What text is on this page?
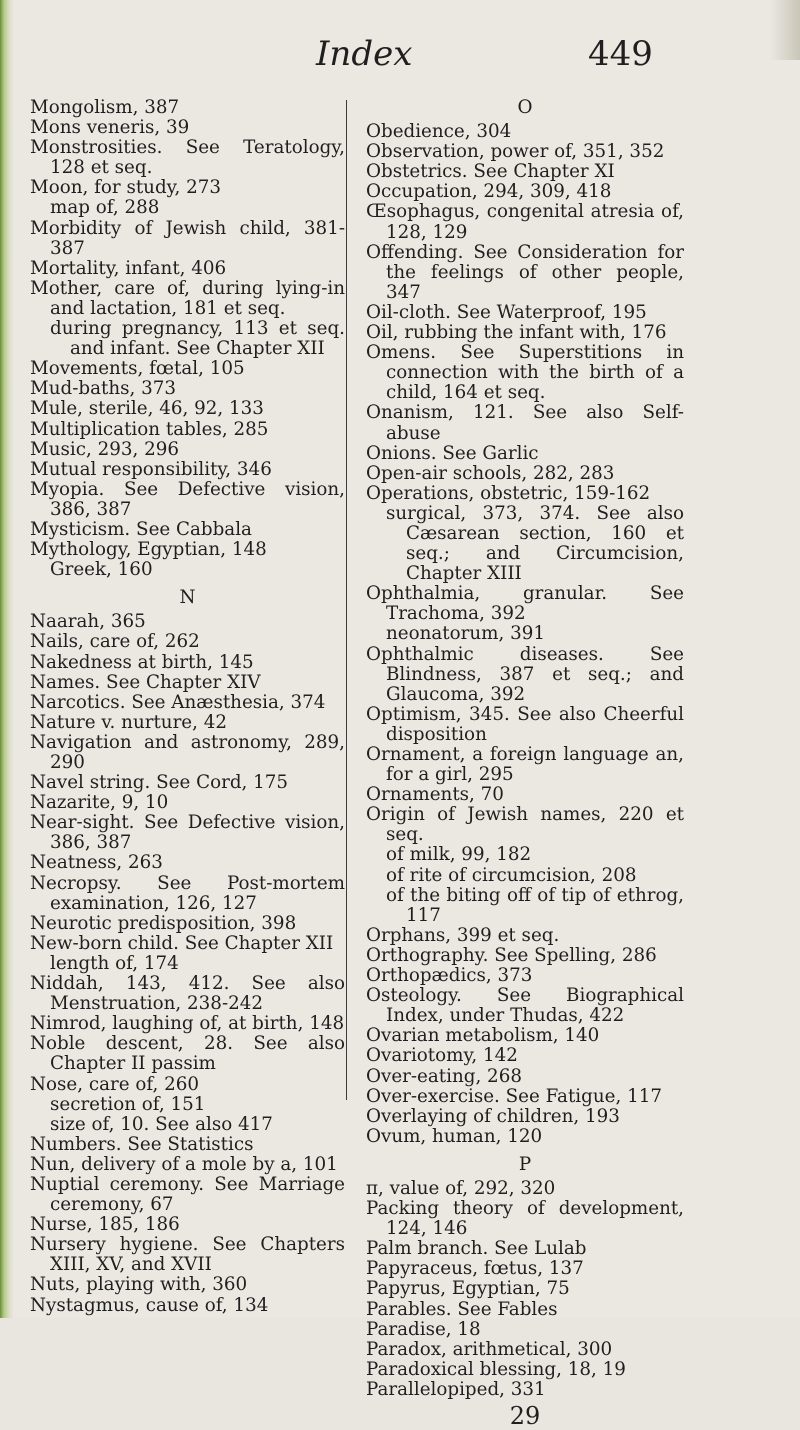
Index	449

Mongolism, 387

Mons veneris, 39

Monstrosities. See Teratology, 128 et seq.

Moon, for study, 273

map of, 288

Morbidity of Jewish child, 381-387

Mortality, infant, 406

Mother, care of, during lying-in and lactation, 181 et seq.

during pregnancy, 113 et seq. and infant. See Chapter XII

Movements, fœtal, 105

Mud-baths, 373

Mule, sterile, 46, 92, 133

Multiplication tables, 285

Music, 293, 296

Mutual responsibility, 346

Myopia. See Defective vision, 386, 387

Mysticism. See Cabbala

Mythology, Egyptian, 148

Greek, 160

N

Naarah, 365

Nails, care of, 262

Nakedness at birth, 145

Names. See Chapter XIV

Narcotics. See Anæsthesia, 374

Nature v. nurture, 42

Navigation and astronomy, 289, 290

Navel string. See Cord, 175

Nazarite, 9, 10

Near-sight. See Defective vision, 386, 387

Neatness, 263

Necropsy. See Post-mortem examination, 126, 127

Neurotic predisposition, 398

New-born child. See Chapter XII

length of, 174

Niddah, 143, 412. See also Menstruation, 238-242

Nimrod, laughing of, at birth, 148

Noble descent, 28. See also Chapter II passim

Nose, care of, 260

secretion of, 151

size of, 10. See also 417

Numbers. See Statistics

Nun, delivery of a mole by a, 101

Nuptial ceremony. See Marriage ceremony, 67

Nurse, 185, 186

Nursery hygiene. See Chapters XIII, XV, and XVII

Nuts, playing with, 360

Nystagmus, cause of, 134

O

Obedience, 304

Observation, power of, 351, 352

Obstetrics. See Chapter XI

Occupation, 294, 309, 418

Œsophagus, congenital atresia of, 128, 129

Offending. See Consideration for the feelings of other people, 347

Oil-cloth. See Waterproof, 195

Oil, rubbing the infant with, 176

Omens. See Superstitions in connection with the birth of a child, 164 et seq.

Onanism, 121. See also Self-abuse

Onions. See Garlic

Open-air schools, 282, 283

Operations, obstetric, 159-162

surgical, 373, 374. See also Cæsarean section, 160 et seq.; and Circumcision, Chapter XIII

Ophthalmia, granular. See Trachoma, 392

neonatorum, 391

Ophthalmic diseases. See Blindness, 387 et seq.; and Glaucoma, 392

Optimism, 345. See also Cheerful disposition

Ornament, a foreign language an, for a girl, 295

Ornaments, 70

Origin of Jewish names, 220 et seq.

of milk, 99, 182

of rite of circumcision, 208

of the biting off of tip of ethrog, 117

Orphans, 399 et seq.

Orthography. See Spelling, 286

Orthopædics, 373

Osteology. See Biographical Index, under Thudas, 422

Ovarian metabolism, 140

Ovariotomy, 142

Over-eating, 268

Over-exercise. See Fatigue, 117

Overlaying of children, 193

Ovum, human, 120

P

π, value of, 292, 320

Packing theory of development, 124, 146

Palm branch. See Lulab

Papyraceus, fœtus, 137

Papyrus, Egyptian, 75

Parables. See Fables

Paradise, 18

Paradox, arithmetical, 300

Paradoxical blessing, 18, 19

Parallelopiped, 331

29
